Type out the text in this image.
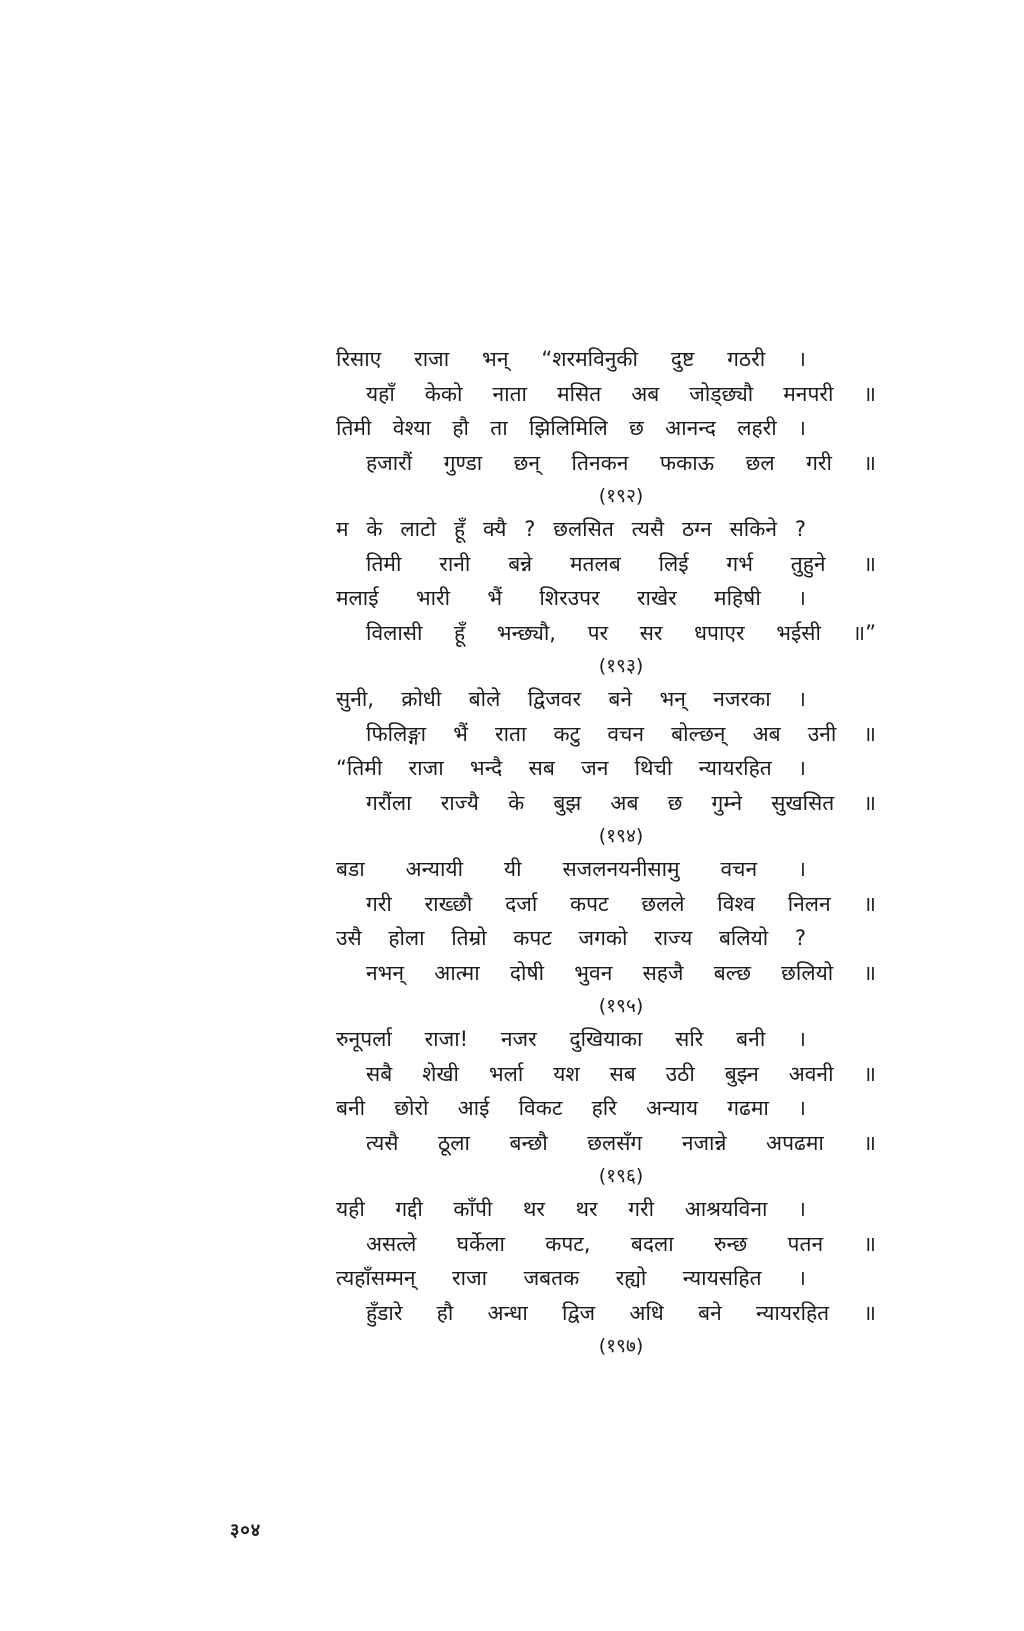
रिसाए राजा भन् “शरमविनुकी दुष्ट गठरी ।
यहाँ केको नाता मसित अब जोड्छ्यौ मनपरी ॥
तिमी वेश्या हौ ता झिलिमिलि छ आनन्द लहरी ।
हजारौं गुण्डा छन् तिनकन फकाऊ छल गरी ॥
(१९२)
म के लाटो हूँ क्यै ? छलसित त्यसै ठग्न सकिने ?
तिमी रानी बन्ने मतलब लिई गर्भ तुहुने ॥
मलाई भारी भैं शिरउपर राखेर महिषी ।
विलासी हूँ भन्छ्यौ, पर सर धपाएर भईसी ॥”
(१९३)
सुनी, क्रोधी बोले द्विजवर बने भन् नजरका ।
फिलिङ्गा भैं राता कटु वचन बोल्छन् अब उनी ॥
“तिमी राजा भन्दै सब जन थिची न्यायरहित ।
गरौंला राज्यै के बुझ अब छ गुम्ने सुखसित ॥
(१९४)
बडा अन्यायी यी सजलनयनीसामु वचन ।
गरी राख्छौ दर्जा कपट छलले विश्व निलन ॥
उसै होला तिम्रो कपट जगको राज्य बलियो ?
नभन् आत्मा दोषी भुवन सहजै बल्छ छलियो ॥
(१९५)
रुनूपर्ला राजा! नजर दुखियाका सरि बनी ।
सबै शेखी भर्ला यश सब उठी बुझ्न अवनी ॥
बनी छोरो आई विकट हरि अन्याय गढमा ।
त्यसै ठूला बन्छौ छलसँग नजान्ने अपढमा ॥
(१९६)
यही गद्दी काँपी थर थर गरी आश्रयविना ।
असत्ले घर्केला कपट, बदला रुन्छ पतन ॥
त्यहाँसम्मन् राजा जबतक रह्यो न्यायसहित ।
हुँडारे हौ अन्धा द्विज अधि बने न्यायरहित ॥
(१९७)
३०४
